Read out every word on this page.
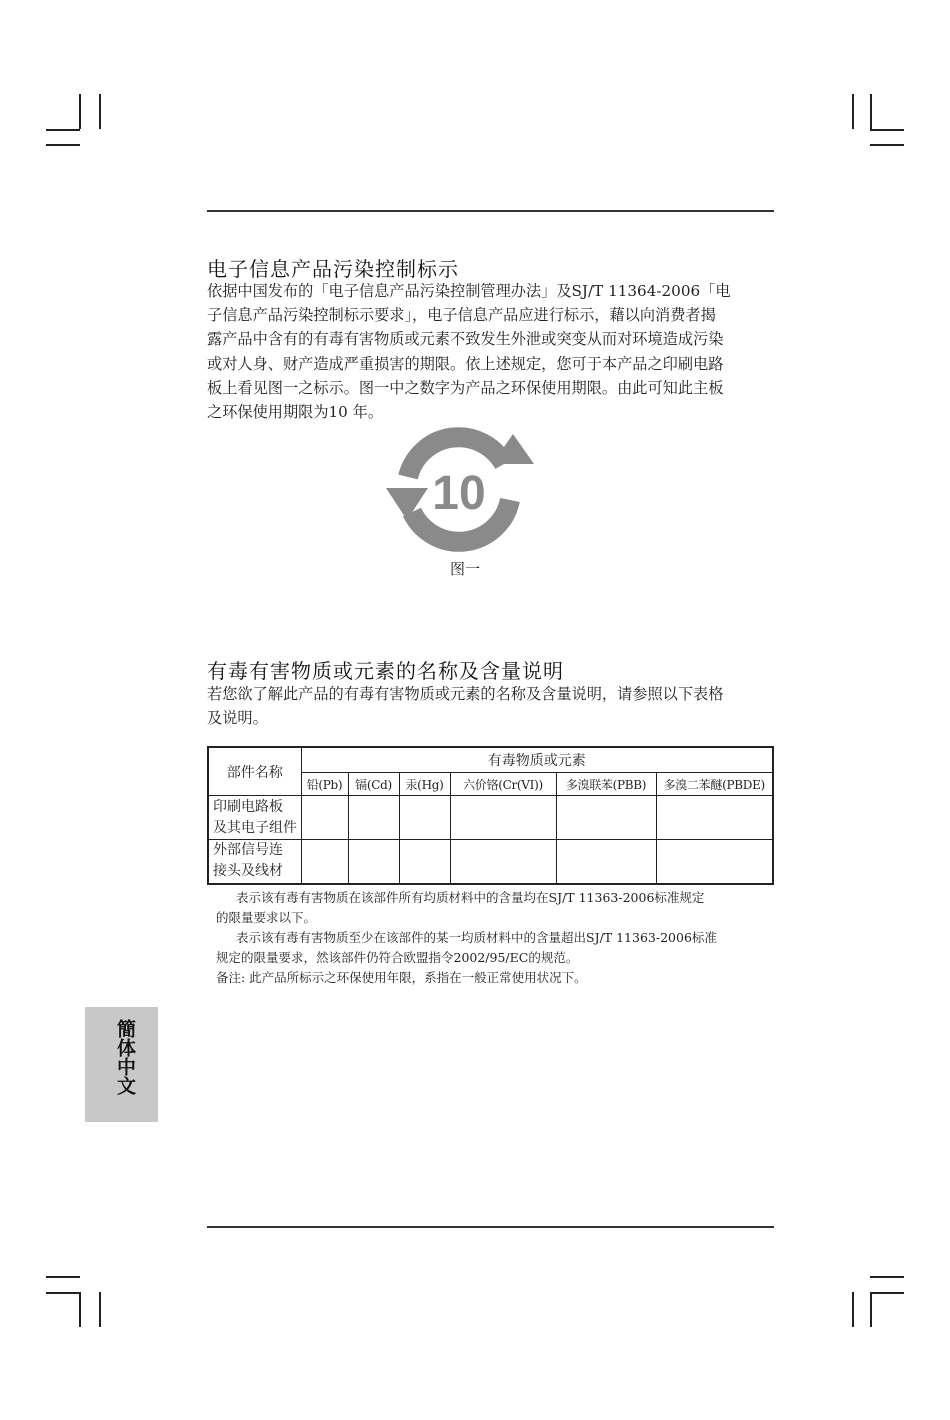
电子信息产品污染控制标示
依据中国发布的「电子信息产品污染控制管理办法」及SJ/T 11364-2006「电
子信息产品污染控制标示要求」，电子信息产品应进行标示，藉以向消费者揭
露产品中含有的有毒有害物质或元素不致发生外泄或突变从而对环境造成污染
或对人身、财产造成严重损害的期限。依上述规定，您可于本产品之印刷电路
板上看见图一之标示。图一中之数字为产品之环保使用期限。由此可知此主板
之环保使用期限为10 年。
10
图一
有毒有害物质或元素的名称及含量说明
若您欲了解此产品的有毒有害物质或元素的名称及含量说明，请参照以下表格
及说明。
部件名称	有毒物质或元素					
	铅(Pb)	镉(Cd)	汞(Hg)	六价铬(Cr(VI))	多溴联苯(PBB)	多溴二苯醚(PBDE)

印刷电路板
及其电子组件						

外部信号连
接头及线材						

表示该有毒有害物质在该部件所有均质材料中的含量均在SJ/T 11363-2006标准规定
的限量要求以下。
表示该有毒有害物质至少在该部件的某一均质材料中的含量超出SJ/T 11363-2006标准
规定的限量要求，然该部件仍符合欧盟指令2002/95/EC的规范。
备注: 此产品所标示之环保使用年限，系指在一般正常使用状况下。
簡体中文
